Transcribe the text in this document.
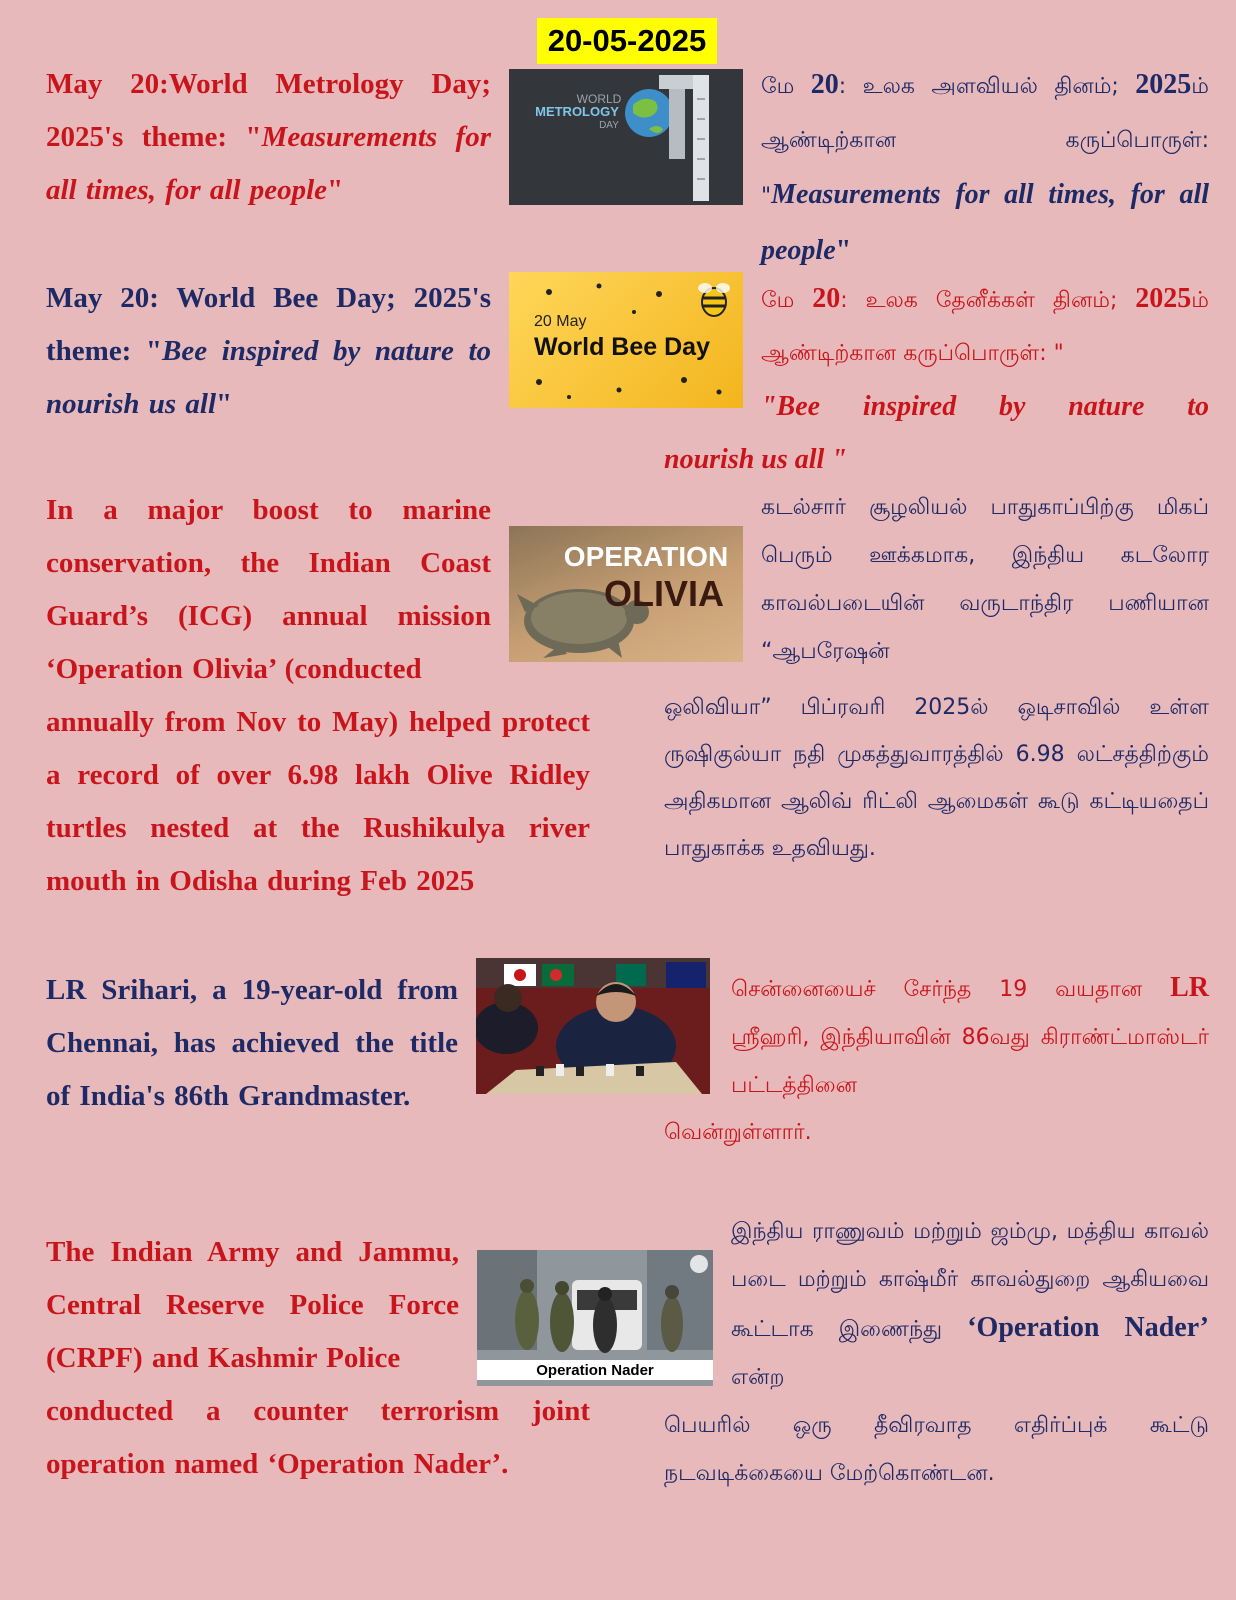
20-05-2025
May 20:World Metrology Day; 2025's theme: "Measurements for all times, for all people"
WORLD
METROLOGY
DAY
மே 20: உலக அளவியல் தினம்; 2025ம் ஆண்டிற்கான கருப்பொருள்: "Measurements for all times, for all people"
May 20: World Bee Day; 2025's theme: "Bee inspired by nature to nourish us all"
20 May
World Bee Day
மே 20: உலக தேனீக்கள் தினம்; 2025ம் ஆண்டிற்கான கருப்பொருள்: "
"Bee inspired by nature to
nourish us all "
In a major boost to marine conservation, the Indian Coast Guard’s (ICG) annual mission ‘Operation Olivia’ (conducted
annually from Nov to May) helped protect a record of over 6.98 lakh Olive Ridley turtles nested at the Rushikulya river mouth in Odisha during Feb 2025
OPERATION
OLIVIA
கடல்சார் சூழலியல் பாதுகாப்பிற்கு மிகப் பெரும் ஊக்கமாக, இந்திய கடலோர காவல்படையின் வருடாந்திர பணியான “ஆபரேஷன்
ஒலிவியா” பிப்ரவரி 2025ல் ஒடிசாவில் உள்ள ருஷிகுல்யா நதி முகத்துவாரத்தில் 6.98 லட்சத்திற்கும் அதிகமான ஆலிவ் ரிட்லி ஆமைகள் கூடு கட்டியதைப் பாதுகாக்க உதவியது.
LR Srihari, a 19-year-old from Chennai, has achieved the title of India's 86th Grandmaster.
சென்னையைச் சேர்ந்த 19 வயதான LR ஸ்ரீஹரி, இந்தியாவின் 86வது கிராண்ட்மாஸ்டர் பட்டத்தினை
வென்றுள்ளார்.
The Indian Army and Jammu, Central Reserve Police Force (CRPF) and Kashmir Police
conducted a counter terrorism joint operation named ‘Operation Nader’.
Operation Nader
இந்திய ராணுவம் மற்றும் ஜம்மு, மத்திய காவல் படை மற்றும் காஷ்மீர் காவல்துறை ஆகியவை கூட்டாக இணைந்து ‘Operation Nader’ என்ற
பெயரில் ஒரு தீவிரவாத எதிர்ப்புக் கூட்டு நடவடிக்கையை மேற்கொண்டன.
